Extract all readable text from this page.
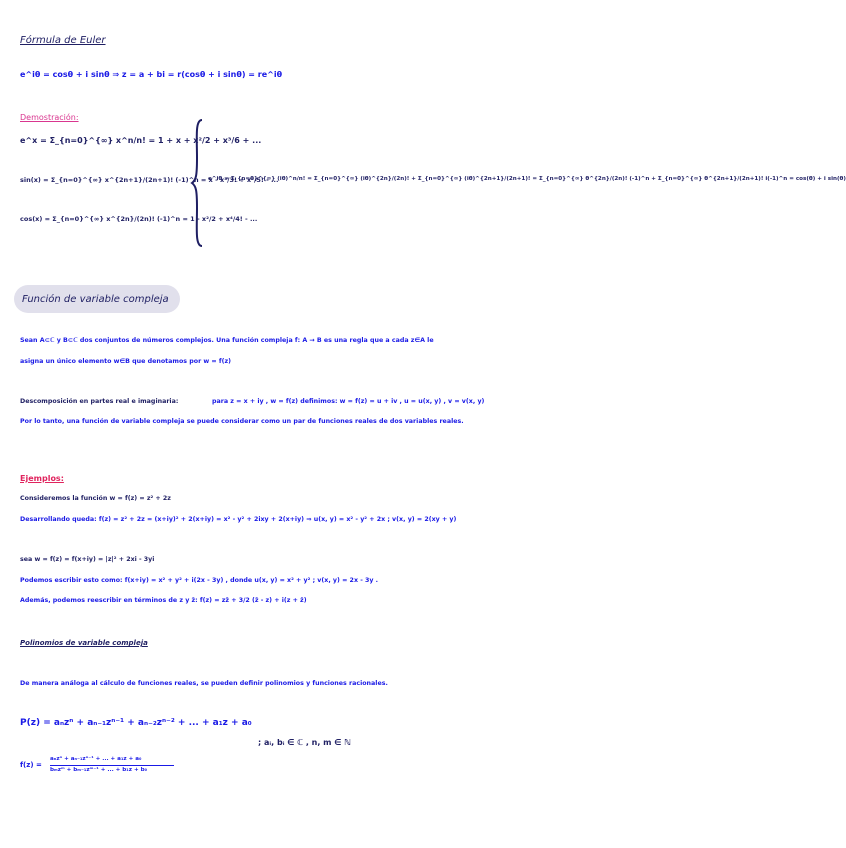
Fórmula de Euler
e^iθ = cosθ + i sinθ ⇒ z = a + bi = r(cosθ + i sinθ) = re^iθ
Demostración:
e^x = Σ_{n=0}^{∞} x^n/n! = 1 + x + x²/2 + x³/6 + ...
sin(x) = Σ_{n=0}^{∞} x^{2n+1}/(2n+1)! (-1)^n = x - x³/3! + x⁵/5! - ...
cos(x) = Σ_{n=0}^{∞} x^{2n}/(2n)! (-1)^n = 1 - x²/2 + x⁴/4! - ...
e^iθ = Σ_{n=0}^{∞} (iθ)^n/n! = Σ_{n=0}^{∞} (iθ)^{2n}/(2n)! + Σ_{n=0}^{∞} (iθ)^{2n+1}/(2n+1)! = Σ_{n=0}^{∞} θ^{2n}/(2n)! (-1)^n + Σ_{n=0}^{∞} θ^{2n+1}/(2n+1)! i(-1)^n = cos(θ) + i sin(θ)
Función de variable compleja
Sean A⊂ℂ y B⊂ℂ dos conjuntos de números complejos. Una función compleja f: A → B es una regla que a cada z∈A le
asigna un único elemento w∈B que denotamos por w = f(z)
Descomposición en partes real e imaginaria:	para z = x + iy , w = f(z) definimos: w = f(z) = u + iv , u = u(x, y) , v = v(x, y)
Por lo tanto, una función de variable compleja se puede considerar como un par de funciones reales de dos variables reales.
Ejemplos:
Consideremos la función w = f(z) = z² + 2z
Desarrollando queda: f(z) = z² + 2z = (x+iy)² + 2(x+iy) = x² - y² + 2ixy + 2(x+iy) ⇒ u(x, y) = x² - y² + 2x ; v(x, y) = 2(xy + y)
sea w = f(z) = f(x+iy) = |z|² + 2xi - 3yi
Podemos escribir esto como: f(x+iy) = x² + y² + i(2x - 3y) , donde u(x, y) = x² + y² ; v(x, y) = 2x - 3y .
Además, podemos reescribir en términos de z y z̄: f(z) = zz̄ + 3/2 (z̄ - z) + i(z + z̄)
Polinomios de variable compleja
De manera análoga al cálculo de funciones reales, se pueden definir polinomios y funciones racionales.
P(z) = aₙzⁿ + aₙ₋₁zⁿ⁻¹ + aₙ₋₂zⁿ⁻² + ... + a₁z + a₀
; aᵢ, bᵢ ∈ ℂ , n, m ∈ ℕ
f(z) =
aₙzⁿ + aₙ₋₁zⁿ⁻¹ + ... + a₁z + a₀
bₘzᵐ + bₘ₋₁zᵐ⁻¹ + ... + b₁z + b₀
